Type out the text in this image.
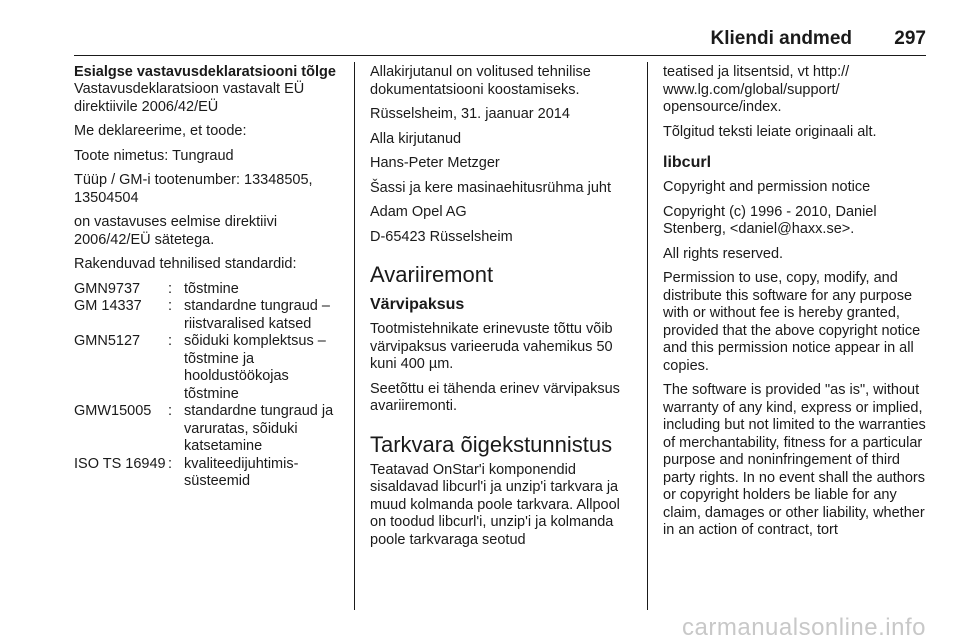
Kliendi andmed 297

Esialgse vastavusdeklaratsiooni tõlge

Vastavusdeklaratsioon vastavalt EÜ direktiivile 2006/42/EÜ

Me deklareerime, et toode:

Toote nimetus: Tungraud

Tüüp / GM-i tootenumber: 13348505, 13504504

on vastavuses eelmise direktiivi 2006/42/EÜ sätetega.

Rakenduvad tehnilised standardid:

GMN9737	:	tõstmine
GM 14337	:	standardne tungraud – riistvaralised katsed
GMN5127	:	sõiduki komplektsus – tõstmine ja hooldustöökojas tõstmine
GMW15005	:	standardne tungraud ja varuratas, sõiduki katsetamine
ISO TS 16949	:	kvaliteedijuhtimis-süsteemid

Allakirjutanul on volitused tehnilise dokumentatsiooni koostamiseks.

Rüsselsheim, 31. jaanuar 2014

Alla kirjutanud

Hans-Peter Metzger

Šassi ja kere masinaehitusrühma juht

Adam Opel AG

D-65423 Rüsselsheim

Avariiremont

Värvipaksus

Tootmistehnikate erinevuste tõttu võib värvipaksus varieeruda vahemikus 50 kuni 400 µm.

Seetõttu ei tähenda erinev värvipaksus avariiremonti.

Tarkvara õigekstunnistus

Teatavad OnStar'i komponendid sisaldavad libcurl'i ja unzip'i tarkvara ja muud kolmanda poole tarkvara. Allpool on toodud libcurl'i, unzip'i ja kolmanda poole tarkvaraga seotud

teatised ja litsentsid, vt http:// www.lg.com/global/support/ opensource/index.

Tõlgitud teksti leiate originaali alt.

libcurl

Copyright and permission notice

Copyright (c) 1996 - 2010, Daniel Stenberg, <daniel@haxx.se>.

All rights reserved.

Permission to use, copy, modify, and distribute this software for any purpose with or without fee is hereby granted, provided that the above copyright notice and this permission notice appear in all copies.

The software is provided "as is", without warranty of any kind, express or implied, including but not limited to the warranties of merchantability, fitness for a particular purpose and noninfringement of third party rights. In no event shall the authors or copyright holders be liable for any claim, damages or other liability, whether in an action of contract, tort

carmanualsonline.info
